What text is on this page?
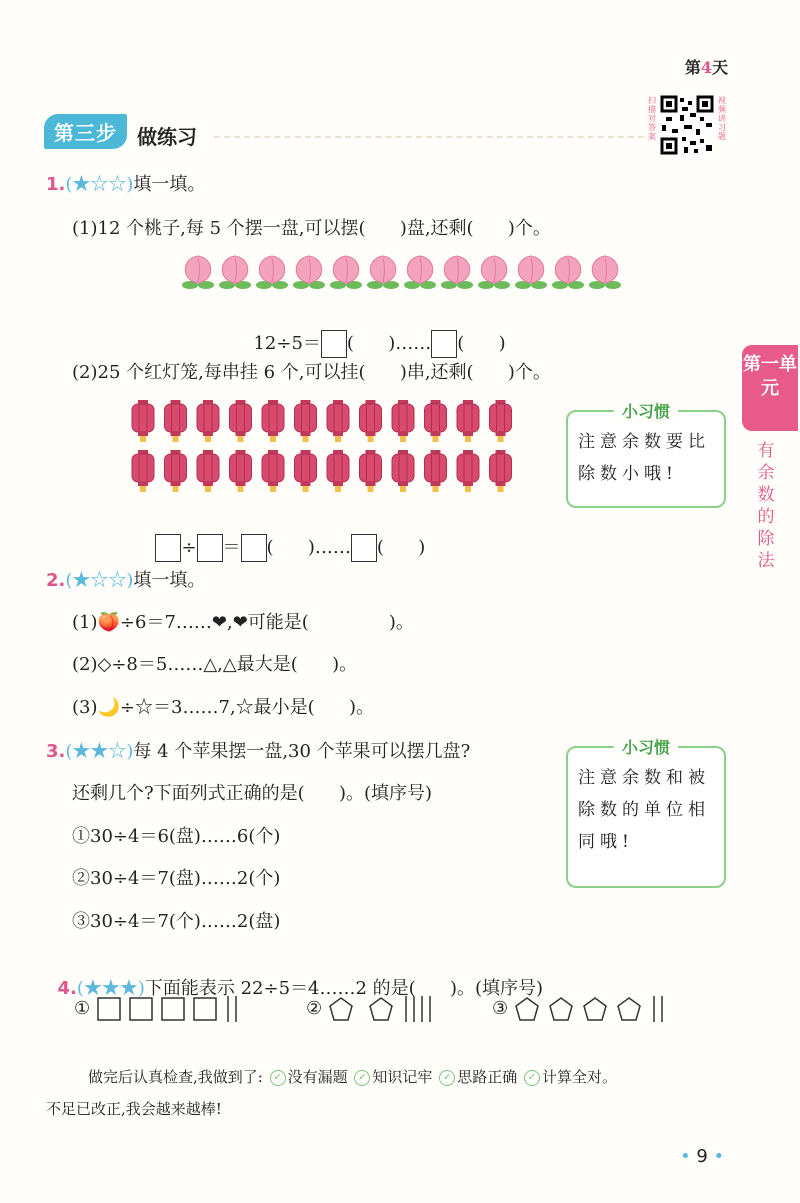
第4天
扫描对答案
视频讲习题
第三步 做练习
第一单元
有余数的除法
1.(★☆☆)填一填。
(1)12 个桃子,每 5 个摆一盘,可以摆(      )盘,还剩(      )个。

12÷5＝ (      )…… (      )

(2)25 个红灯笼,每串挂 6 个,可以挂(      )串,还剩(      )个。

÷ ＝ (      )…… (      )

小习惯
注意余数要比除数小哦!
2.(★☆☆)填一填。
(1)🍑÷6＝7……❤,❤可能是(              )。
(2)◇÷8＝5……△,△最大是(      )。
(3)🌙÷☆＝3……7,☆最小是(      )。
3.(★★☆)每 4 个苹果摆一盘,30 个苹果可以摆几盘?
还剩几个?下面列式正确的是(      )。(填序号)
①30÷4＝6(盘)……6(个)
②30÷4＝7(盘)……2(个)
③30÷4＝7(个)……2(盘)
小习惯
注意余数和被除数的单位相同哦!

4.(★★★)下面能表示 22÷5＝4……2 的是(      )。(填序号)

①	②	③
做完后认真检查,我做到了: ✓ 没有漏题 ✓ 知识记牢 ✓ 思路正确 ✓ 计算全对。
不足已改正,我会越来越棒!
• 9 •
